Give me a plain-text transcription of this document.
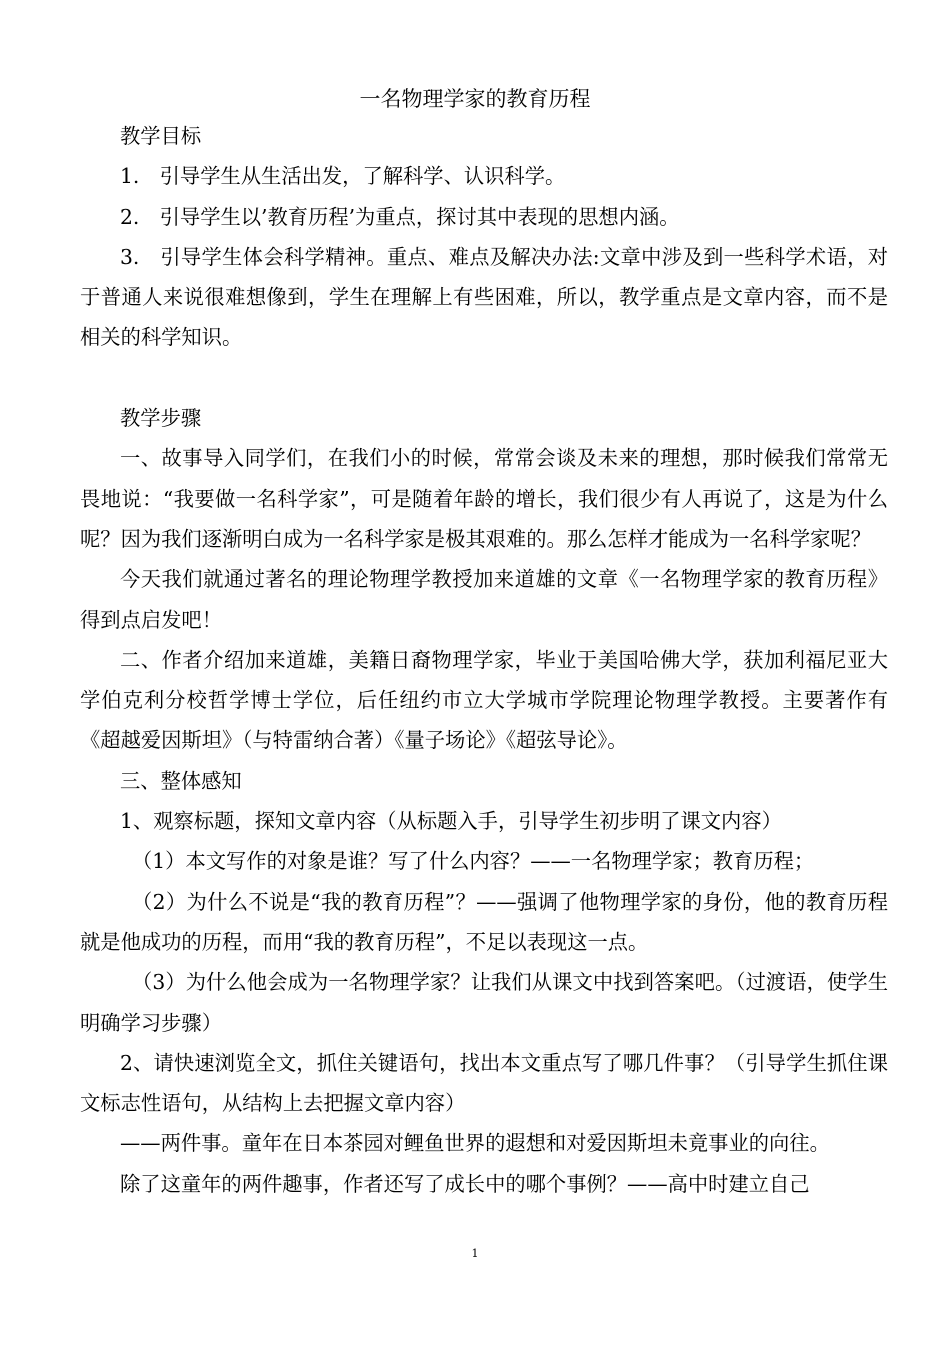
一名物理学家的教育历程

教学目标

1.　引导学生从生活出发，了解科学、认识科学。

2.　引导学生以’教育历程’为重点，探讨其中表现的思想内涵。

3.　引导学生体会科学精神。重点、难点及解决办法:文章中涉及到一些科学术语，对于普通人来说很难想像到，学生在理解上有些困难，所以，教学重点是文章内容，而不是相关的科学知识。

教学步骤

一、故事导入同学们，在我们小的时候，常常会谈及未来的理想，那时候我们常常无畏地说：“我要做一名科学家”，可是随着年龄的增长，我们很少有人再说了，这是为什么呢？因为我们逐渐明白成为一名科学家是极其艰难的。那么怎样才能成为一名科学家呢？

今天我们就通过著名的理论物理学教授加来道雄的文章《一名物理学家的教育历程》得到点启发吧！

二、作者介绍加来道雄，美籍日裔物理学家，毕业于美国哈佛大学，获加利福尼亚大学伯克利分校哲学博士学位，后任纽约市立大学城市学院理论物理学教授。主要著作有《超越爱因斯坦》（与特雷纳合著）《量子场论》《超弦导论》。

三、整体感知

1、观察标题，探知文章内容（从标题入手，引导学生初步明了课文内容）

（1）本文写作的对象是谁？写了什么内容？——一名物理学家；教育历程；

（2）为什么不说是“我的教育历程”？——强调了他物理学家的身份，他的教育历程就是他成功的历程，而用“我的教育历程”，不足以表现这一点。

（3）为什么他会成为一名物理学家？让我们从课文中找到答案吧。（过渡语，使学生明确学习步骤）

2、请快速浏览全文，抓住关键语句，找出本文重点写了哪几件事？（引导学生抓住课文标志性语句，从结构上去把握文章内容）

——两件事。童年在日本茶园对鲤鱼世界的遐想和对爱因斯坦未竟事业的向往。

除了这童年的两件趣事，作者还写了成长中的哪个事例？——高中时建立自己

1
